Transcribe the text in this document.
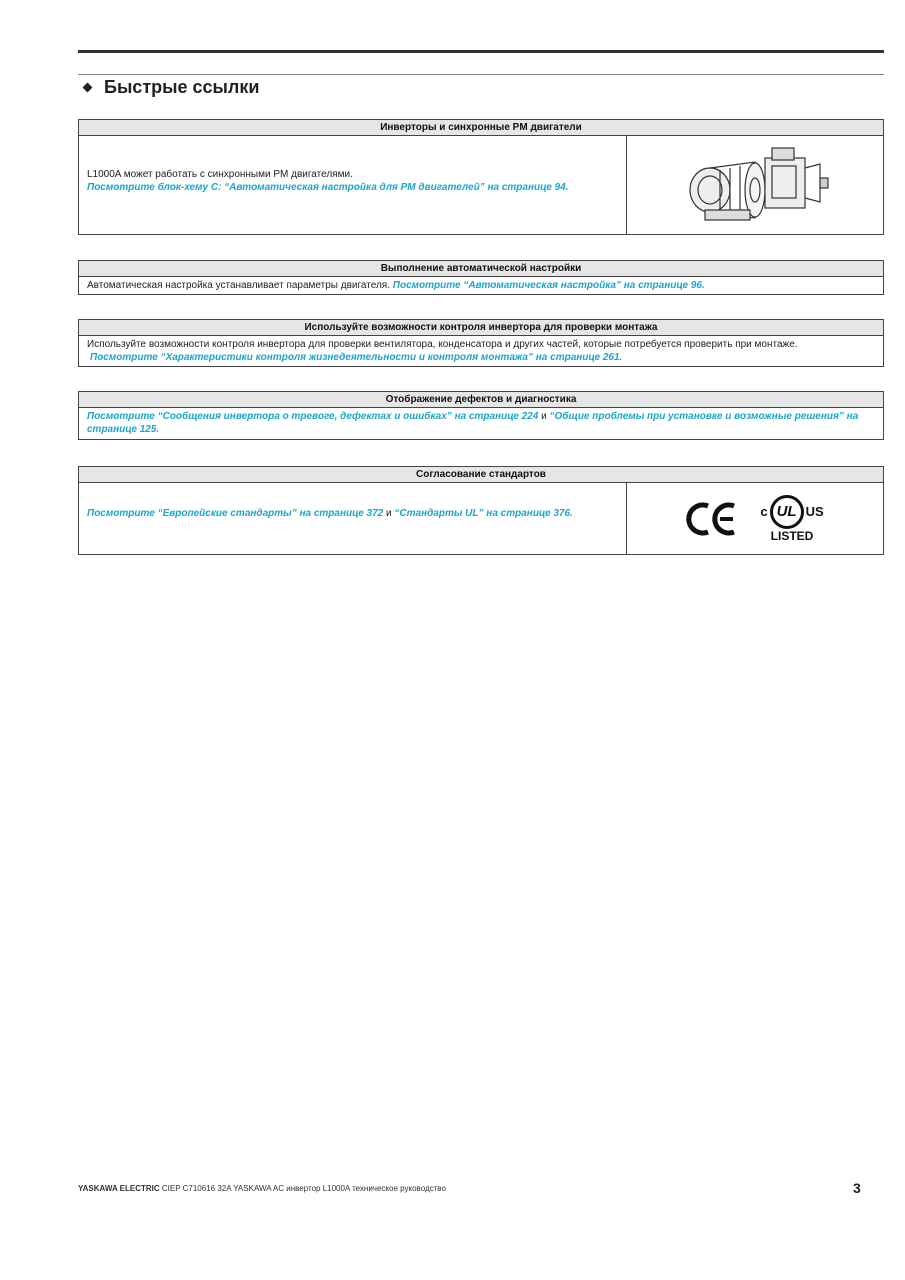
Быстрые ссылки
Инверторы и синхронные PM двигатели
L1000A может работать с синхронными PM двигателями.
Посмотрите блок-хему C: “Автоматическая настройка для PM двигателей” на странице 94.
Выполнение автоматической настройки
Автоматическая настройка устанавливает параметры двигателя. Посмотрите “Автоматическая настройка” на странице 96.
Используйте возможности контроля инвертора для проверки монтажа
Используйте возможности контроля инвертора для проверки вентилятора, конденсатора и других частей, которые потребуется проверить при монтаже.
Посмотрите “Характеристики контроля жизнедеятельности и контроля монтажа” на странице 261.
Отображение дефектов и диагностика
Посмотрите “Сообщения инвертора о тревоге, дефектах и ошибках” на странице 224 и “Общие проблемы при установке и возможные решения” на странице 125.
Согласование стандартов
Посмотрите “Европейские стандарты” на странице 372 и “Стандарты UL” на странице 376.	c UL US
LISTED
YASKAWA ELECTRIC CIEP C710616 32A YASKAWA AC инвертор L1000A техническое руководство	3
